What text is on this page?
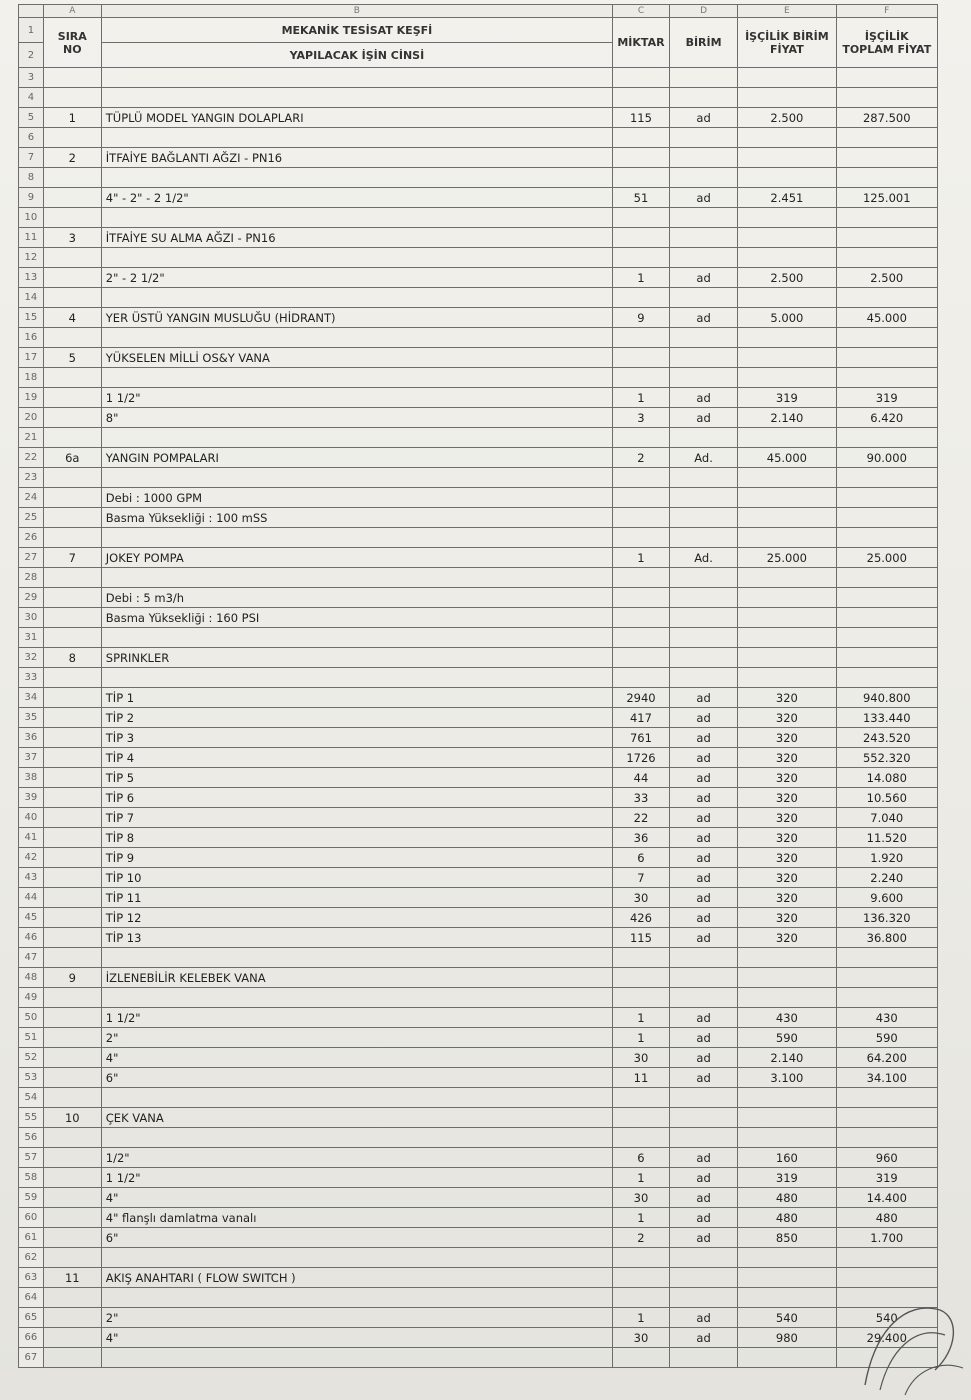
	A	B	C	D	E	F
1	SIRA NO	MEKANİK TESİSAT KEŞFİ	MİKTAR	BİRİM	İŞÇİLİK BİRİM FİYAT	İŞÇİLİK TOPLAM FİYAT
2		YAPILACAK İŞİN CİNSİ				
3						
4						
5	1	TÜPLÜ MODEL YANGIN DOLAPLARI	115	ad	2.500	287.500
6						
7	2	İTFAİYE BAĞLANTI AĞZI - PN16				
8						
9		4" - 2" - 2 1/2"	51	ad	2.451	125.001
10						
11	3	İTFAİYE SU ALMA AĞZI - PN16				
12						
13		2" - 2 1/2"	1	ad	2.500	2.500
14						
15	4	YER ÜSTÜ YANGIN MUSLUĞU (HİDRANT)	9	ad	5.000	45.000
16						
17	5	YÜKSELEN MİLLİ OS&Y VANA				
18						
19		1 1/2"	1	ad	319	319
20		8"	3	ad	2.140	6.420
21						
22	6a	YANGIN POMPALARI	2	Ad.	45.000	90.000
23						
24		Debi : 1000 GPM				
25		Basma Yüksekliği : 100 mSS				
26						
27	7	JOKEY POMPA	1	Ad.	25.000	25.000
28						
29		Debi : 5 m3/h				
30		Basma Yüksekliği : 160 PSI				
31						
32	8	SPRINKLER				
33						
34		TİP 1	2940	ad	320	940.800
35		TİP 2	417	ad	320	133.440
36		TİP 3	761	ad	320	243.520
37		TİP 4	1726	ad	320	552.320
38		TİP 5	44	ad	320	14.080
39		TİP 6	33	ad	320	10.560
40		TİP 7	22	ad	320	7.040
41		TİP 8	36	ad	320	11.520
42		TİP 9	6	ad	320	1.920
43		TİP 10	7	ad	320	2.240
44		TİP 11	30	ad	320	9.600
45		TİP 12	426	ad	320	136.320
46		TİP 13	115	ad	320	36.800
47						
48	9	İZLENEBİLİR KELEBEK VANA				
49						
50		1 1/2"	1	ad	430	430
51		2"	1	ad	590	590
52		4"	30	ad	2.140	64.200
53		6"	11	ad	3.100	34.100
54						
55	10	ÇEK VANA				
56						
57		1/2"	6	ad	160	960
58		1 1/2"	1	ad	319	319
59		4"	30	ad	480	14.400
60		4" flanşlı damlatma vanalı	1	ad	480	480
61		6"	2	ad	850	1.700
62						
63	11	AKIŞ ANAHTARI ( FLOW SWITCH )				
64						
65		2"	1	ad	540	540
66		4"	30	ad	980	29.400
67						
